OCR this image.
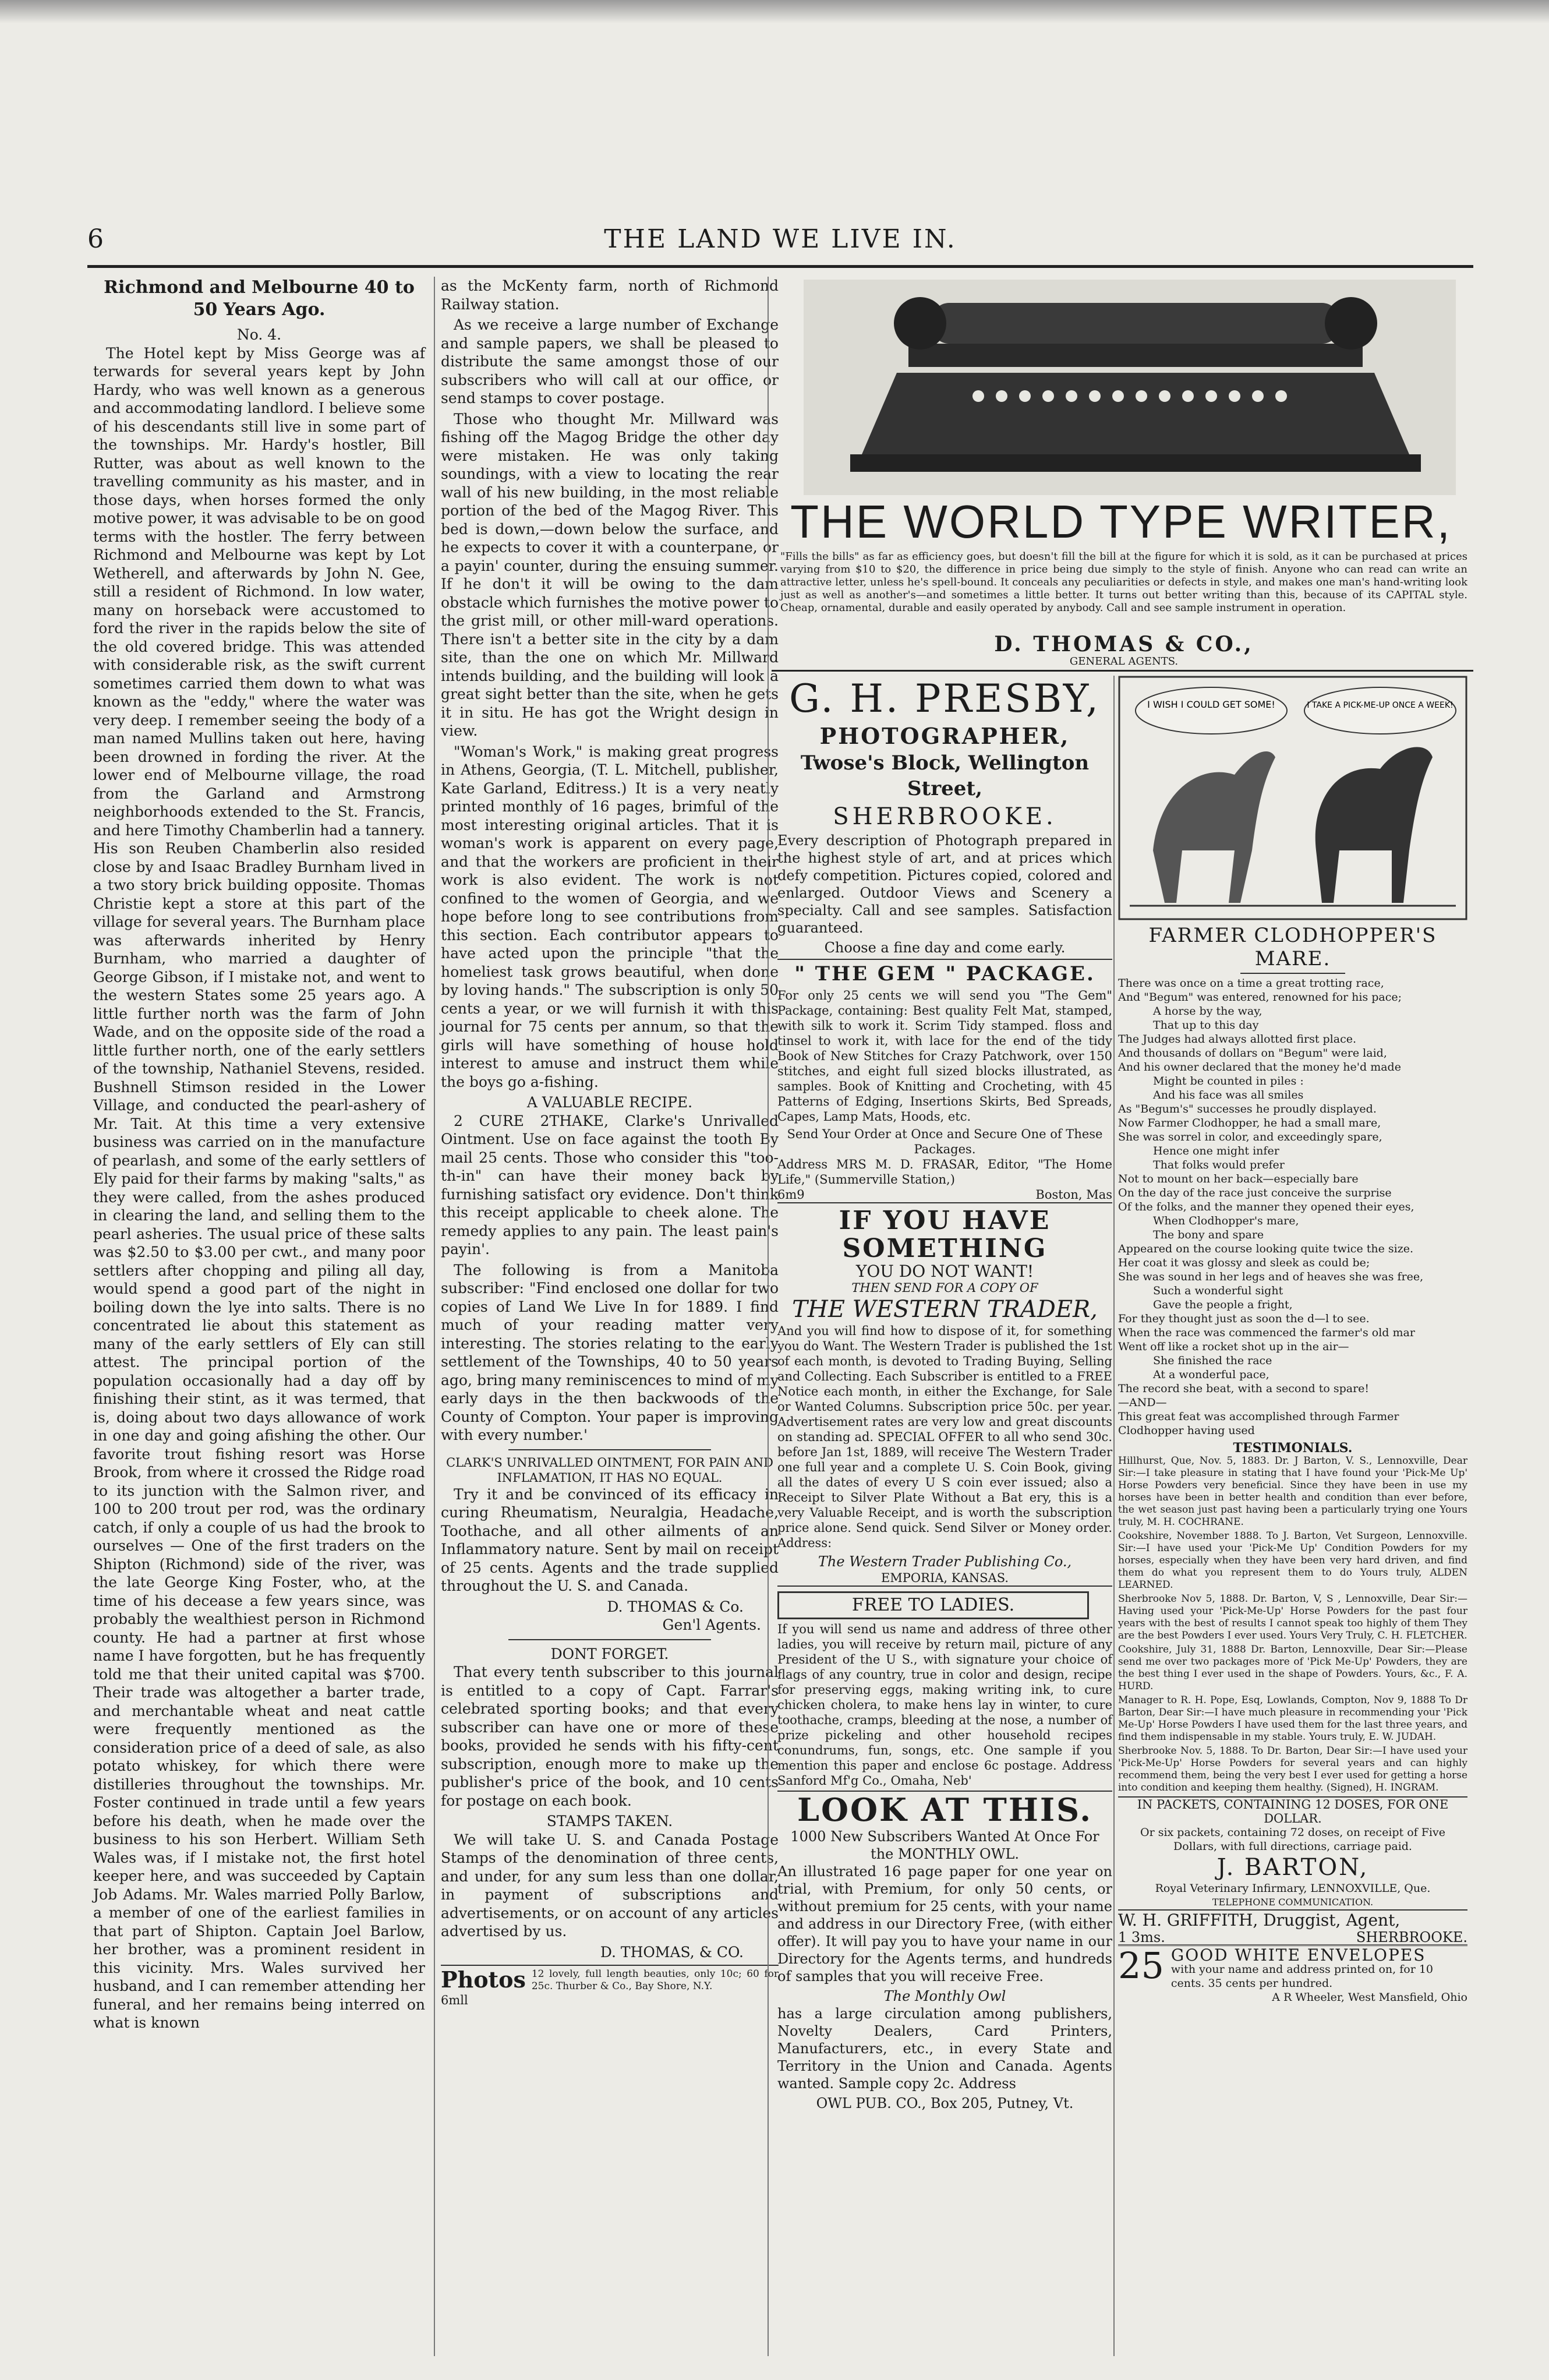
6	THE LAND WE LIVE IN.
Richmond and Melbourne 40 to 50 Years Ago.
No. 4.

The Hotel kept by Miss George was af terwards for several years kept by John Hardy, who was well known as a generous and accommodating landlord. I believe some of his descendants still live in some part of the townships. Mr. Hardy's hostler, Bill Rutter, was about as well known to the travelling community as his master, and in those days, when horses formed the only motive power, it was advisable to be on good terms with the hostler. The ferry between Richmond and Melbourne was kept by Lot Wetherell, and afterwards by John N. Gee, still a resident of Richmond. In low water, many on horseback were accustomed to ford the river in the rapids below the site of the old covered bridge. This was attended with considerable risk, as the swift current sometimes carried them down to what was known as the "eddy," where the water was very deep. I remember seeing the body of a man named Mullins taken out here, having been drowned in fording the river. At the lower end of Melbourne village, the road from the Garland and Armstrong neighborhoods extended to the St. Francis, and here Timothy Chamberlin had a tannery. His son Reuben Chamberlin also resided close by and Isaac Bradley Burnham lived in a two story brick building opposite. Thomas Christie kept a store at this part of the village for several years. The Burnham place was afterwards inherited by Henry Burnham, who married a daughter of George Gibson, if I mistake not, and went to the western States some 25 years ago. A little further north was the farm of John Wade, and on the opposite side of the road a little further north, one of the early settlers of the township, Nathaniel Stevens, resided. Bushnell Stimson resided in the Lower Village, and conducted the pearl-ashery of Mr. Tait. At this time a very extensive business was carried on in the manufacture of pearlash, and some of the early settlers of Ely paid for their farms by making "salts," as they were called, from the ashes produced in clearing the land, and selling them to the pearl asheries. The usual price of these salts was $2.50 to $3.00 per cwt., and many poor settlers after chopping and piling all day, would spend a good part of the night in boiling down the lye into salts. There is no concentrated lie about this statement as many of the early settlers of Ely can still attest. The principal portion of the population occasionally had a day off by finishing their stint, as it was termed, that is, doing about two days allowance of work in one day and going afishing the other. Our favorite trout fishing resort was Horse Brook, from where it crossed the Ridge road to its junction with the Salmon river, and 100 to 200 trout per rod, was the ordinary catch, if only a couple of us had the brook to ourselves — One of the first traders on the Shipton (Richmond) side of the river, was the late George King Foster, who, at the time of his decease a few years since, was probably the wealthiest person in Richmond county. He had a partner at first whose name I have forgotten, but he has frequently told me that their united capital was $700. Their trade was altogether a barter trade, and merchantable wheat and neat cattle were frequently mentioned as the consideration price of a deed of sale, as also potato whiskey, for which there were distilleries throughout the townships. Mr. Foster continued in trade until a few years before his death, when he made over the business to his son Herbert. William Seth Wales was, if I mistake not, the first hotel keeper here, and was succeeded by Captain Job Adams. Mr. Wales married Polly Barlow, a member of one of the earliest families in that part of Shipton. Captain Joel Barlow, her brother, was a prominent resident in this vicinity. Mrs. Wales survived her husband, and I can remember attending her funeral, and her remains being interred on what is known

as the McKenty farm, north of Richmond Railway station.

As we receive a large number of Exchange and sample papers, we shall be pleased to distribute the same amongst those of our subscribers who will call at our office, or send stamps to cover postage.

Those who thought Mr. Millward was fishing off the Magog Bridge the other day were mistaken. He was only taking soundings, with a view to locating the rear wall of his new building, in the most reliable portion of the bed of the Magog River. This bed is down,—down below the surface, and he expects to cover it with a counterpane, or a payin' counter, during the ensuing summer. If he don't it will be owing to the dam obstacle which furnishes the motive power to the grist mill, or other mill-ward operations. There isn't a better site in the city by a dam site, than the one on which Mr. Millward intends building, and the building will look a great sight better than the site, when he gets it in situ. He has got the Wright design in view.

"Woman's Work," is making great progress in Athens, Georgia, (T. L. Mitchell, publisher, Kate Garland, Editress.) It is a very neatly printed monthly of 16 pages, brimful of the most interesting original articles. That it is woman's work is apparent on every page, and that the workers are proficient in their work is also evident. The work is not confined to the women of Georgia, and we hope before long to see contributions from this section. Each contributor appears to have acted upon the principle "that the homeliest task grows beautiful, when done by loving hands." The subscription is only 50 cents a year, or we will furnish it with this journal for 75 cents per annum, so that the girls will have something of house hold interest to amuse and instruct them while the boys go a-fishing.

A VALUABLE RECIPE.

2 CURE 2THAKE, Clarke's Unrivalled Ointment. Use on face against the tooth By mail 25 cents. Those who consider this "too-th-in" can have their money back by furnishing satisfact ory evidence. Don't think this receipt applicable to cheek alone. The remedy applies to any pain. The least pain's payin'.

The following is from a Manitoba subscriber: "Find enclosed one dollar for two copies of Land We Live In for 1889. I find much of your reading matter very interesting. The stories relating to the early settlement of the Townships, 40 to 50 years ago, bring many reminiscences to mind of my early days in the then backwoods of the County of Compton. Your paper is improving with every number.'

CLARK'S UNRIVALLED OINTMENT, FOR PAIN AND INFLAMATION, IT HAS NO EQUAL.

Try it and be convinced of its efficacy in curing Rheumatism, Neuralgia, Headache, Toothache, and all other ailments of an Inflammatory nature. Sent by mail on receipt of 25 cents. Agents and the trade supplied throughout the U. S. and Canada.

D. THOMAS & Co.
Gen'l Agents.
DONT FORGET.

That every tenth subscriber to this journal is entitled to a copy of Capt. Farrar's celebrated sporting books; and that every subscriber can have one or more of these books, provided he sends with his fifty-cent subscription, enough more to make up the publisher's price of the book, and 10 cents for postage on each book.

STAMPS TAKEN.

We will take U. S. and Canada Postage Stamps of the denomination of three cents, and under, for any sum less than one dollar, in payment of subscriptions and advertisements, or on account of any articles advertised by us.

D. THOMAS, & CO.
Photos 12 lovely, full length beauties, only 10c; 60 for 25c. Thurber & Co., Bay Shore, N.Y.
6mll
THE WORLD TYPE WRITER,
"Fills the bills" as far as efficiency goes, but doesn't fill the bill at the figure for which it is sold, as it can be purchased at prices varying from $10 to $20, the difference in price being due simply to the style of finish. Anyone who can read can write an attractive letter, unless he's spell-bound. It conceals any peculiarities or defects in style, and makes one man's hand-writing look just as well as another's—and sometimes a little better. It turns out better writing than this, because of its CAPITAL style. Cheap, ornamental, durable and easily operated by anybody. Call and see sample instrument in operation.
D. THOMAS & CO.,
GENERAL AGENTS.
G. H. PRESBY,
PHOTOGRAPHER,
Twose's Block, Wellington Street,
SHERBROOKE.

Every description of Photograph prepared in the highest style of art, and at prices which defy competition. Pictures copied, colored and enlarged. Outdoor Views and Scenery a specialty. Call and see samples. Satisfaction guaranteed.

Choose a fine day and come early.
" THE GEM " PACKAGE.

For only 25 cents we will send you "The Gem" Package, containing: Best quality Felt Mat, stamped, with silk to work it. Scrim Tidy stamped. floss and tinsel to work it, with lace for the end of the tidy Book of New Stitches for Crazy Patchwork, over 150 stitches, and eight full sized blocks illustrated, as samples. Book of Knitting and Crocheting, with 45 Patterns of Edging, Insertions Skirts, Bed Spreads, Capes, Lamp Mats, Hoods, etc.

Send Your Order at Once and Secure One of These Packages.
Address MRS M. D. FRASAR, Editor, "The Home Life," (Summerville Station,)
6m9	Boston, Mas
IF YOU HAVE SOMETHING
YOU DO NOT WANT!
THEN SEND FOR A COPY OF
THE WESTERN TRADER,

And you will find how to dispose of it, for something you do Want. The Western Trader is published the 1st of each month, is devoted to Trading Buying, Selling and Collecting. Each Subscriber is entitled to a FREE Notice each month, in either the Exchange, for Sale or Wanted Columns. Subscription price 50c. per year. Advertisement rates are very low and great discounts on standing ad. SPECIAL OFFER to all who send 30c. before Jan 1st, 1889, will receive The Western Trader one full year and a complete U. S. Coin Book, giving all the dates of every U S coin ever issued; also a Receipt to Silver Plate Without a Bat ery, this is a very Valuable Receipt, and is worth the subscription price alone. Send quick. Send Silver or Money order. Address:

The Western Trader Publishing Co.,
EMPORIA, KANSAS.
FREE TO LADIES.

If you will send us name and address of three other ladies, you will receive by return mail, picture of any President of the U S., with signature your choice of flags of any country, true in color and design, recipe for preserving eggs, making writing ink, to cure chicken cholera, to make hens lay in winter, to cure toothache, cramps, bleeding at the nose, a number of prize pickeling and other household recipes conundrums, fun, songs, etc. One sample if you mention this paper and enclose 6c postage. Address Sanford Mf'g Co., Omaha, Neb'

LOOK AT THIS.
1000 New Subscribers Wanted At Once For the MONTHLY OWL.

An illustrated 16 page paper for one year on trial, with Premium, for only 50 cents, or without premium for 25 cents, with your name and address in our Directory Free, (with either offer). It will pay you to have your name in our Directory for the Agents terms, and hundreds of samples that you will receive Free.

The Monthly Owl

has a large circulation among publishers, Novelty Dealers, Card Printers, Manufacturers, etc., in every State and Territory in the Union and Canada. Agents wanted. Sample copy 2c. Address

OWL PUB. CO., Box 205, Putney, Vt.
I WISH I COULD GET SOME!	I TAKE A PICK-ME-UP ONCE A WEEK!
FARMER CLODHOPPER'S MARE.
There was once on a time a great trotting race,
And "Begum" was entered, renowned for his pace;
A horse by the way,
That up to this day
The Judges had always allotted first place.
And thousands of dollars on "Begum" were laid,
And his owner declared that the money he'd made
Might be counted in piles :
And his face was all smiles
As "Begum's" successes he proudly displayed.
Now Farmer Clodhopper, he had a small mare,
She was sorrel in color, and exceedingly spare,
Hence one might infer
That folks would prefer
Not to mount on her back—especially bare
On the day of the race just conceive the surprise
Of the folks, and the manner they opened their eyes,
When Clodhopper's mare,
The bony and spare
Appeared on the course looking quite twice the size.
Her coat it was glossy and sleek as could be;
She was sound in her legs and of heaves she was free,
Such a wonderful sight
Gave the people a fright,
For they thought just as soon the d—l to see.
When the race was commenced the farmer's old mar
Went off like a rocket shot up in the air—
She finished the race
At a wonderful pace,
The record she beat, with a second to spare!
—AND—
This great feat was accomplished through Farmer Clodhopper having used
TESTIMONIALS.

Hillhurst, Que, Nov. 5, 1883. Dr. J Barton, V. S., Lennoxville, Dear Sir:—I take pleasure in stating that I have found your 'Pick-Me Up' Horse Powders very beneficial. Since they have been in use my horses have been in better health and condition than ever before, the wet season just past having been a particularly trying one Yours truly, M. H. COCHRANE.

Cookshire, November 1888. To J. Barton, Vet Surgeon, Lennoxville. Sir:—I have used your 'Pick-Me Up' Condition Powders for my horses, especially when they have been very hard driven, and find them do what you represent them to do Yours truly, ALDEN LEARNED.

Sherbrooke Nov 5, 1888. Dr. Barton, V, S , Lennoxville, Dear Sir:—Having used your 'Pick-Me-Up' Horse Powders for the past four years with the best of results I cannot speak too highly of them They are the best Powders I ever used. Yours Very Truly, C. H. FLETCHER.

Cookshire, July 31, 1888 Dr. Barton, Lennoxville, Dear Sir:—Please send me over two packages more of 'Pick Me-Up' Powders, they are the best thing I ever used in the shape of Powders. Yours, &c., F. A. HURD.

Manager to R. H. Pope, Esq, Lowlands, Compton, Nov 9, 1888 To Dr Barton, Dear Sir:—I have much pleasure in recommending your 'Pick Me-Up' Horse Powders I have used them for the last three years, and find them indispensable in my stable. Yours truly, E. W. JUDAH.

Sherbrooke Nov. 5, 1888. To Dr. Barton, Dear Sir:—I have used your 'Pick-Me-Up' Horse Powders for several years and can highly recommend them, being the very best I ever used for getting a horse into condition and keeping them healthy. (Signed), H. INGRAM.

IN PACKETS, CONTAINING 12 DOSES, FOR ONE DOLLAR.
Or six packets, containing 72 doses, on receipt of Five Dollars, with full directions, carriage paid.
J. BARTON,
Royal Veterinary Infirmary, LENNOXVILLE, Que.
TELEPHONE COMMUNICATION.
W. H. GRIFFITH, Druggist, Agent,
1 3ms.	SHERBROOKE.
25 GOOD WHITE ENVELOPES
with your name and address printed on, for 10 cents. 35 cents per hundred.
A R Wheeler, West Mansfield, Ohio
